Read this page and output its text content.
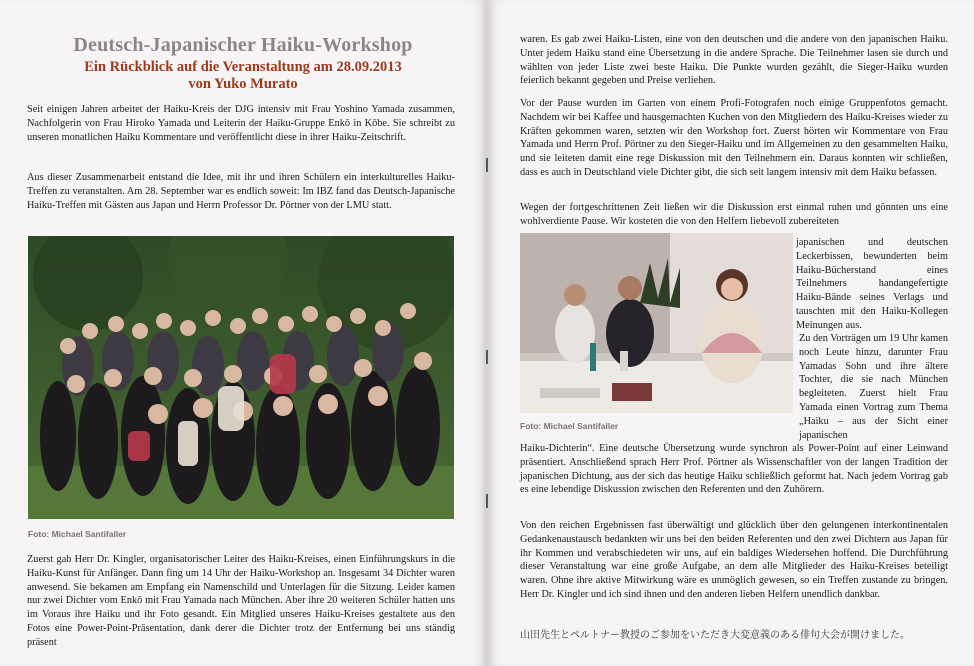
Deutsch-Japanischer Haiku-Workshop
Ein Rückblick auf die Veranstaltung am 28.09.2013
von Yuko Murato

Seit einigen Jahren arbeitet der Haiku-Kreis der DJG intensiv mit Frau Yoshino Yamada zusammen, Nachfolgerin von Frau Hiroko Yamada und Leiterin der Haiku-Gruppe Enkō in Kōbe. Sie schreibt zu unseren monatlichen Haiku Kommentare und veröffentlicht diese in ihrer Haiku-Zeitschrift.

Aus dieser Zusammenarbeit entstand die Idee, mit ihr und ihren Schülern ein interkulturelles Haiku-Treffen zu veranstalten. Am 28. September war es endlich soweit: Im IBZ fand das Deutsch-Japanische Haiku-Treffen mit Gästen aus Japan und Herrn Professor Dr. Pörtner von der LMU statt.

Foto: Michael Santifaller

Zuerst gab Herr Dr. Kingler, organisatorischer Leiter des Haiku-Kreises, einen Einführungskurs in die Haiku-Kunst für Anfänger. Dann fing um 14 Uhr der Haiku-Workshop an. Insgesamt 34 Dichter waren anwesend. Sie bekamen am Empfang ein Namenschild und Unterlagen für die Sitzung. Leider kamen nur zwei Dichter vom Enkō mit Frau Yamada nach München. Aber ihre 20 weiteren Schüler hatten uns im Voraus ihre Haiku und ihr Foto gesandt. Ein Mitglied unseres Haiku-Kreises gestaltete aus den Fotos eine Power-Point-Präsentation, dank derer die Dichter trotz der Entfernung bei uns ständig präsent

waren. Es gab zwei Haiku-Listen, eine von den deutschen und die andere von den japanischen Haiku. Unter jedem Haiku stand eine Übersetzung in die andere Sprache. Die Teilnehmer lasen sie durch und wählten von jeder Liste zwei beste Haiku. Die Punkte wurden gezählt, die Sieger-Haiku wurden feierlich bekannt gegeben und Preise verliehen.

Vor der Pause wurden im Garten von einem Profi-Fotografen noch einige Gruppenfotos gemacht. Nachdem wir bei Kaffee und hausgemachten Kuchen von den Mitgliedern des Haiku-Kreises wieder zu Kräften gekommen waren, setzten wir den Workshop fort. Zuerst hörten wir Kommentare von Frau Yamada und Herrn Prof. Pörtner zu den Sieger-Haiku und im Allgemeinen zu den gesammelten Haiku, und sie leiteten damit eine rege Diskussion mit den Teilnehmern ein. Daraus konnten wir schließen, dass es auch in Deutschland viele Dichter gibt, die sich seit langem intensiv mit dem Haiku befassen.

Wegen der fortgeschrittenen Zeit ließen wir die Diskussion erst einmal ruhen und gönnten uns eine wohlverdiente Pause. Wir kosteten die von den Helfern liebevoll zubereiteten

Foto: Michael Santifaller

japanischen und deutschen Leckerbissen, bewunderten beim Haiku-Bücherstand eines Teilnehmers handangefertigte Haiku-Bände seines Verlags und tauschten mit den Haiku-Kollegen Meinungen aus.

Zu den Vorträgen um 19 Uhr kamen noch Leute hinzu, darunter Frau Yamadas Sohn und ihre ältere Tochter, die sie nach München begleiteten. Zuerst hielt Frau Yamada einen Vortrag zum Thema „Haiku – aus der Sicht einer japanischen

Haiku-Dichterin“. Eine deutsche Übersetzung wurde synchron als Power-Point auf einer Leinwand präsentiert. Anschließend sprach Herr Prof. Pörtner als Wissenschaftler von der langen Tradition der japanischen Dichtung, aus der sich das heutige Haiku schließlich geformt hat. Nach jedem Vortrag gab es eine lebendige Diskussion zwischen den Referenten und den Zuhörern.

Von den reichen Ergebnissen fast überwältigt und glücklich über den gelungenen interkontinentalen Gedankenaustausch bedankten wir uns bei den beiden Referenten und den zwei Dichtern aus Japan für ihr Kommen und verabschiedeten wir uns, auf ein baldiges Wiedersehen hoffend. Die Durchführung dieser Veranstaltung war eine große Aufgabe, an dem alle Mitglieder des Haiku-Kreises beteiligt waren. Ohne ihre aktive Mitwirkung wäre es unmöglich gewesen, so ein Treffen zustande zu bringen. Herr Dr. Kingler und ich sind ihnen und den anderen lieben Helfern unendlich dankbar.

山田先生とペルトナー教授のご参加をいただき大変意義のある俳句大会が開けました。
